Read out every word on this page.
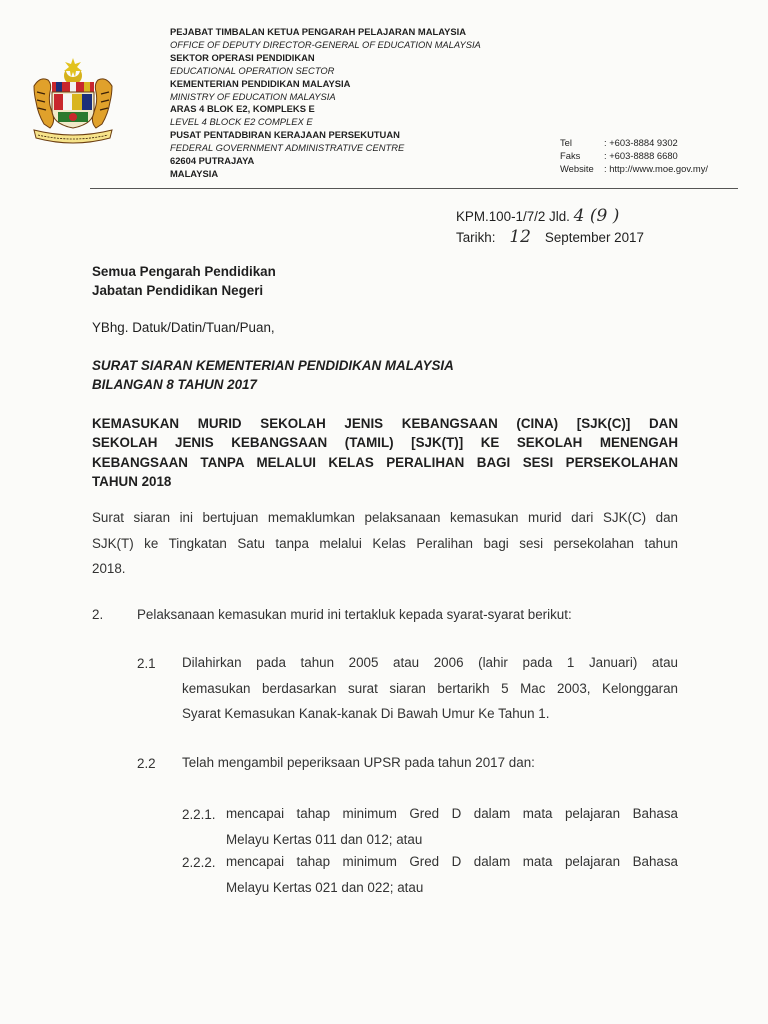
PEJABAT TIMBALAN KETUA PENGARAH PELAJARAN MALAYSIA
OFFICE OF DEPUTY DIRECTOR-GENERAL OF EDUCATION MALAYSIA
SEKTOR OPERASI PENDIDIKAN
EDUCATIONAL OPERATION SECTOR
KEMENTERIAN PENDIDIKAN MALAYSIA
MINISTRY OF EDUCATION MALAYSIA
ARAS 4 BLOK E2, KOMPLEKS E
LEVEL 4 BLOCK E2 COMPLEX E
PUSAT PENTADBIRAN KERAJAAN PERSEKUTUAN
FEDERAL GOVERNMENT ADMINISTRATIVE CENTRE
62604 PUTRAJAYA
MALAYSIA
Tel	: +603-8884 9302
Faks	: +603-8888 6680
Website	: http://www.moe.gov.my/
KPM.100-1/7/2 Jld. 4 (9 )
Tarikh: 12 September 2017
Semua Pengarah Pendidikan
Jabatan Pendidikan Negeri
YBhg. Datuk/Datin/Tuan/Puan,
SURAT SIARAN KEMENTERIAN PENDIDIKAN MALAYSIA
BILANGAN 8 TAHUN 2017
KEMASUKAN MURID SEKOLAH JENIS KEBANGSAAN (CINA) [SJK(C)] DAN
SEKOLAH JENIS KEBANGSAAN (TAMIL) [SJK(T)] KE SEKOLAH MENENGAH
KEBANGSAAN TANPA MELALUI KELAS PERALIHAN BAGI SESI PERSEKOLAHAN
TAHUN 2018
Surat siaran ini bertujuan memaklumkan pelaksanaan kemasukan murid dari SJK(C) dan
SJK(T) ke Tingkatan Satu tanpa melalui Kelas Peralihan bagi sesi persekolahan tahun
2018.
2.	Pelaksanaan kemasukan murid ini tertakluk kepada syarat-syarat berikut:
2.1 Dilahirkan pada tahun 2005 atau 2006 (lahir pada 1 Januari) atau
kemasukan berdasarkan surat siaran bertarikh 5 Mac 2003, Kelonggaran
Syarat Kemasukan Kanak-kanak Di Bawah Umur Ke Tahun 1.
2.2 Telah mengambil peperiksaan UPSR pada tahun 2017 dan:
2.2.1. mencapai tahap minimum Gred D dalam mata pelajaran Bahasa
Melayu Kertas 011 dan 012; atau
2.2.2. mencapai tahap minimum Gred D dalam mata pelajaran Bahasa
Melayu Kertas 021 dan 022; atau
